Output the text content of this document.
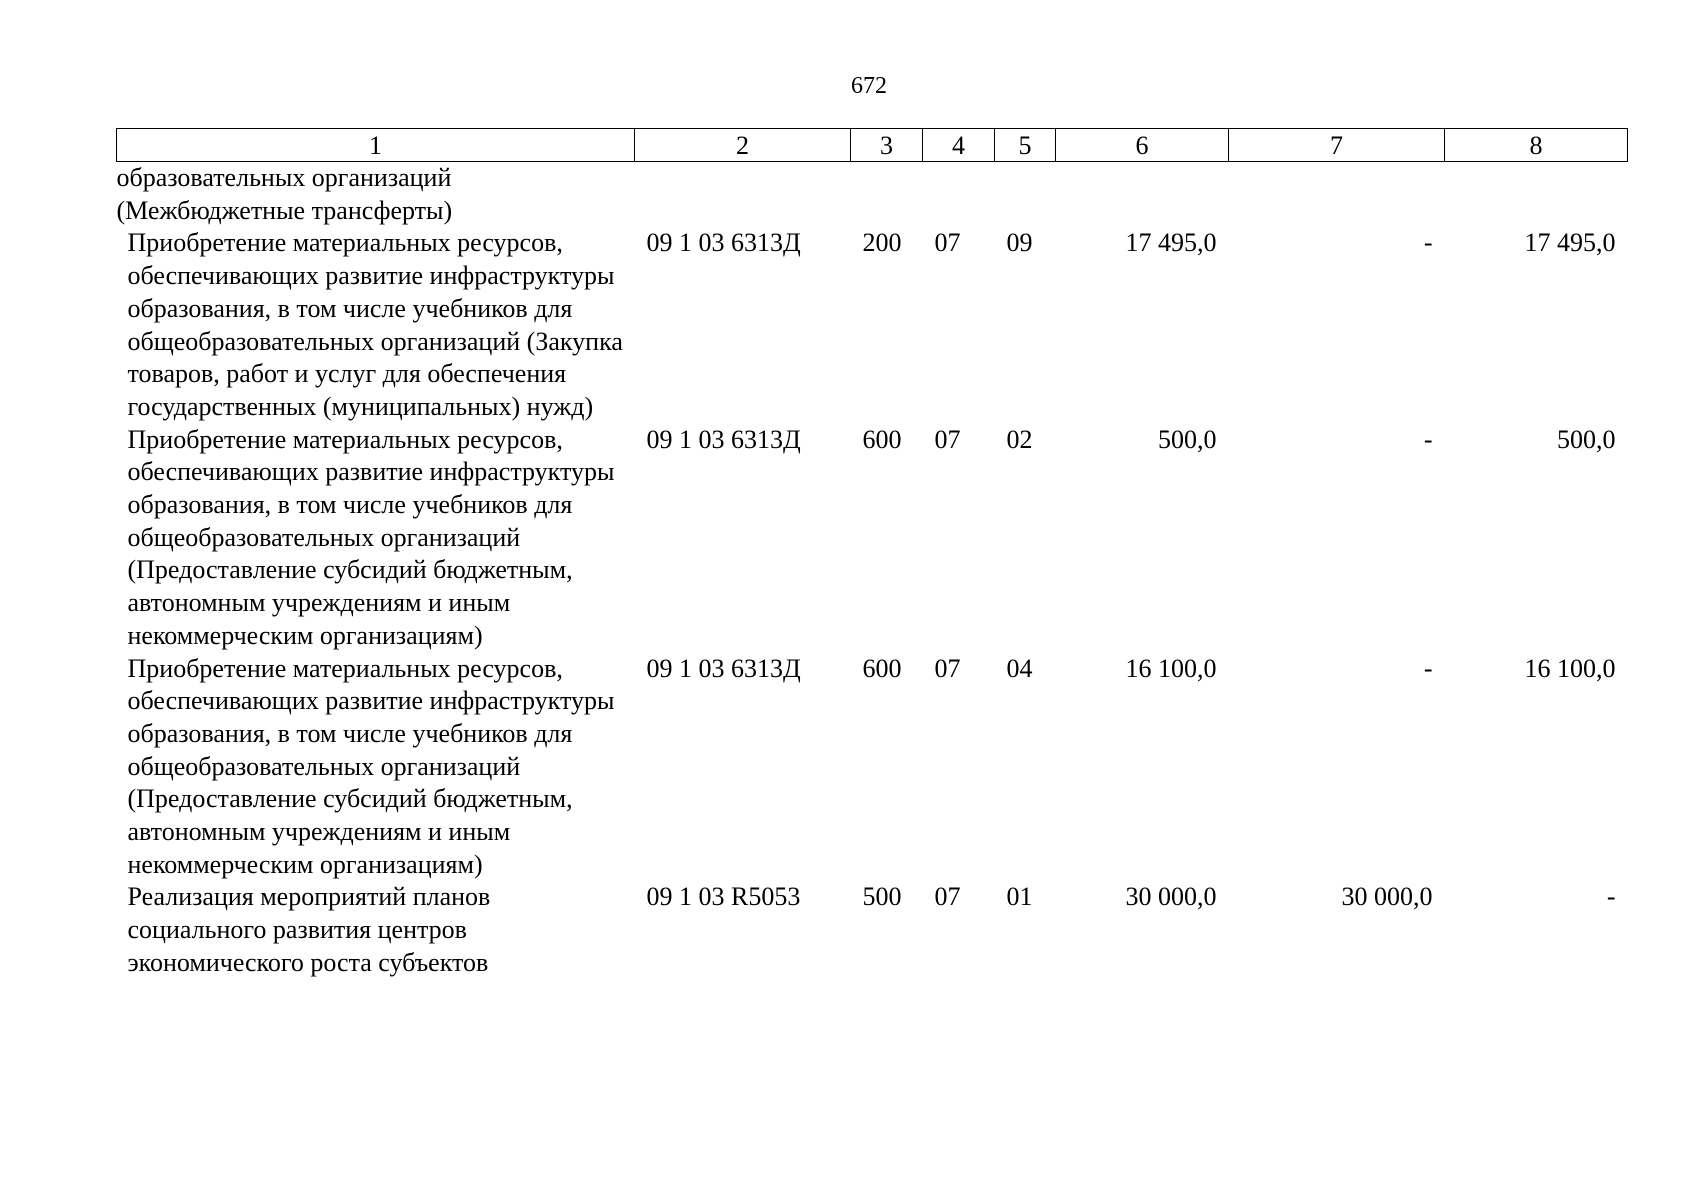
672
1	2	3	4	5	6	7	8
образовательных организаций (Межбюджетные трансферты)							
Приобретение материальных ресурсов, обеспечивающих развитие инфраструктуры образования, в том числе учебников для общеобразовательных организаций (Закупка товаров, работ и услуг для обеспечения государственных (муниципальных) нужд)	09 1 03 6313Д	200	07	09	17 495,0	-	17 495,0
Приобретение материальных ресурсов, обеспечивающих развитие инфраструктуры образования, в том числе учебников для общеобразовательных организаций (Предоставление субсидий бюджетным, автономным учреждениям и иным некоммерческим организациям)	09 1 03 6313Д	600	07	02	500,0	-	500,0
Приобретение материальных ресурсов, обеспечивающих развитие инфраструктуры образования, в том числе учебников для общеобразовательных организаций (Предоставление субсидий бюджетным, автономным учреждениям и иным некоммерческим организациям)	09 1 03 6313Д	600	07	04	16 100,0	-	16 100,0
Реализация мероприятий планов социального развития центров экономического роста субъектов	09 1 03 R5053	500	07	01	30 000,0	30 000,0	-
